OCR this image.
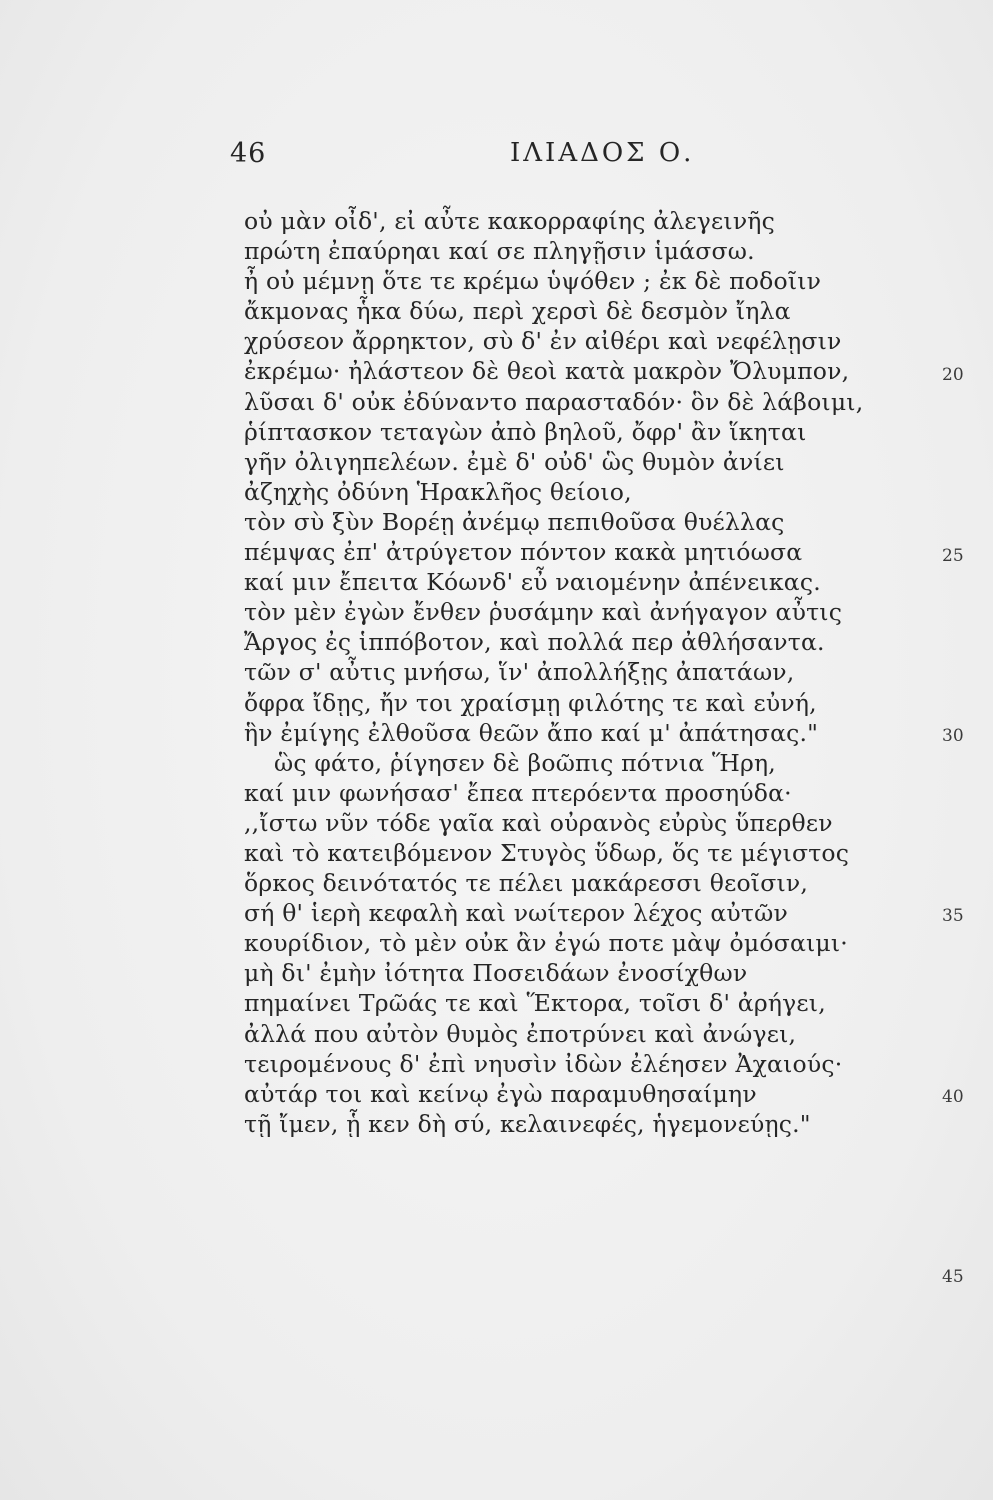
46	ΙΛΙΑΔΟΣ Ο.
οὐ μὰν οἶδ', εἰ αὖτε κακορραφίης ἀλεγεινῆς
πρώτη ἐπαύρηαι καί σε πληγῇσιν ἱμάσσω.
ἦ οὐ μέμνῃ ὅτε τε κρέμω ὑψόθεν ; ἐκ δὲ ποδοῖιν
ἄκμονας ἧκα δύω, περὶ χερσὶ δὲ δεσμὸν ἴηλα
χρύσεον ἄρρηκτον, σὺ δ' ἐν αἰθέρι καὶ νεφέλῃσιν
ἐκρέμω· ἠλάστεον δὲ θεοὶ κατὰ μακρὸν Ὄλυμπον,
λῦσαι δ' οὐκ ἐδύναντο παρασταδόν· ὃν δὲ λάβοιμι,
ῥίπτασκον τεταγὼν ἀπὸ βηλοῦ, ὄφρ' ἂν ἵκηται
γῆν ὀλιγηπελέων. ἐμὲ δ' οὐδ' ὣς θυμὸν ἀνίει
ἀζηχὴς ὀδύνη Ἡρακλῆος θείοιο,
τὸν σὺ ξὺν Βορέῃ ἀνέμῳ πεπιθοῦσα θυέλλας
πέμψας ἐπ' ἀτρύγετον πόντον κακὰ μητιόωσα
καί μιν ἔπειτα Κόωνδ' εὖ ναιομένην ἀπένεικας.
τὸν μὲν ἐγὼν ἔνθεν ῥυσάμην καὶ ἀνήγαγον αὖτις
Ἄργος ἐς ἱππόβοτον, καὶ πολλά περ ἀθλήσαντα.
τῶν σ' αὖτις μνήσω, ἵν' ἀπολλήξῃς ἀπατάων,
ὄφρα ἴδῃς, ἤν τοι χραίσμῃ φιλότης τε καὶ εὐνή,
ἣν ἐμίγης ἐλθοῦσα θεῶν ἄπο καί μ' ἀπάτησας."
ὣς φάτο, ῥίγησεν δὲ βοῶπις πότνια Ἥρη,
καί μιν φωνήσασ' ἔπεα πτερόεντα προσηύδα·
,,ἴστω νῦν τόδε γαῖα καὶ οὐρανὸς εὐρὺς ὕπερθεν
καὶ τὸ κατειβόμενον Στυγὸς ὕδωρ, ὅς τε μέγιστος
ὅρκος δεινότατός τε πέλει μακάρεσσι θεοῖσιν,
σή θ' ἱερὴ κεφαλὴ καὶ νωίτερον λέχος αὐτῶν
κουρίδιον, τὸ μὲν οὐκ ἂν ἐγώ ποτε μὰψ ὀμόσαιμι·
μὴ δι' ἐμὴν ἰότητα Ποσειδάων ἐνοσίχθων
πημαίνει Τρῶάς τε καὶ Ἕκτορα, τοῖσι δ' ἀρήγει,
ἀλλά που αὐτὸν θυμὸς ἐποτρύνει καὶ ἀνώγει,
τειρομένους δ' ἐπὶ νηυσὶν ἰδὼν ἐλέησεν Ἀχαιούς·
αὐτάρ τοι καὶ κείνῳ ἐγὼ παραμυθησαίμην
τῇ ἴμεν, ᾗ κεν δὴ σύ, κελαινεφές, ἡγεμονεύῃς."
20
25
30
35
40
45
